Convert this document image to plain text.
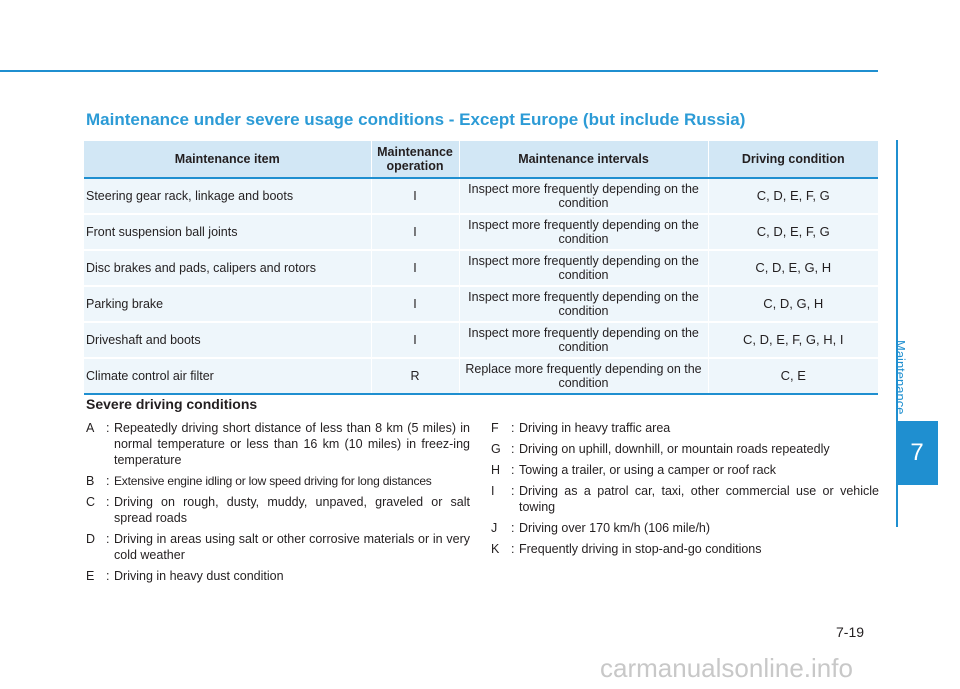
Maintenance under severe usage conditions - Except Europe (but include Russia)
Maintenance item	Maintenance operation	Maintenance intervals	Driving condition
Steering gear rack, linkage and boots	I	Inspect more frequently depending on the condition	C, D, E, F, G
Front suspension ball joints	I	Inspect more frequently depending on the condition	C, D, E, F, G
Disc brakes and pads, calipers and rotors	I	Inspect more frequently depending on the condition	C, D, E, G, H
Parking brake	I	Inspect more frequently depending on the condition	C, D, G, H
Driveshaft and boots	I	Inspect more frequently depending on the condition	C, D, E, F, G, H, I
Climate control air filter	R	Replace more frequently depending on the condition	C, E
Severe driving conditions
A : Repeatedly driving short distance of less than 8 km (5 miles) in normal temperature or less than 16 km (10 miles) in freez-ing temperature
B : Extensive engine idling or low speed driving for long distances
C : Driving on rough, dusty, muddy, unpaved, graveled or salt spread roads
D : Driving in areas using salt or other corrosive materials or in very cold weather
E : Driving in heavy dust condition
F : Driving in heavy traffic area
G : Driving on uphill, downhill, or mountain roads repeatedly
H : Towing a trailer, or using a camper or roof rack
I	: Driving as a patrol car, taxi, other commercial use or vehicle towing
J	: Driving over 170 km/h (106 mile/h)
K : Frequently driving in stop-and-go conditions
Maintenance
7
7-19
carmanualsonline.info
